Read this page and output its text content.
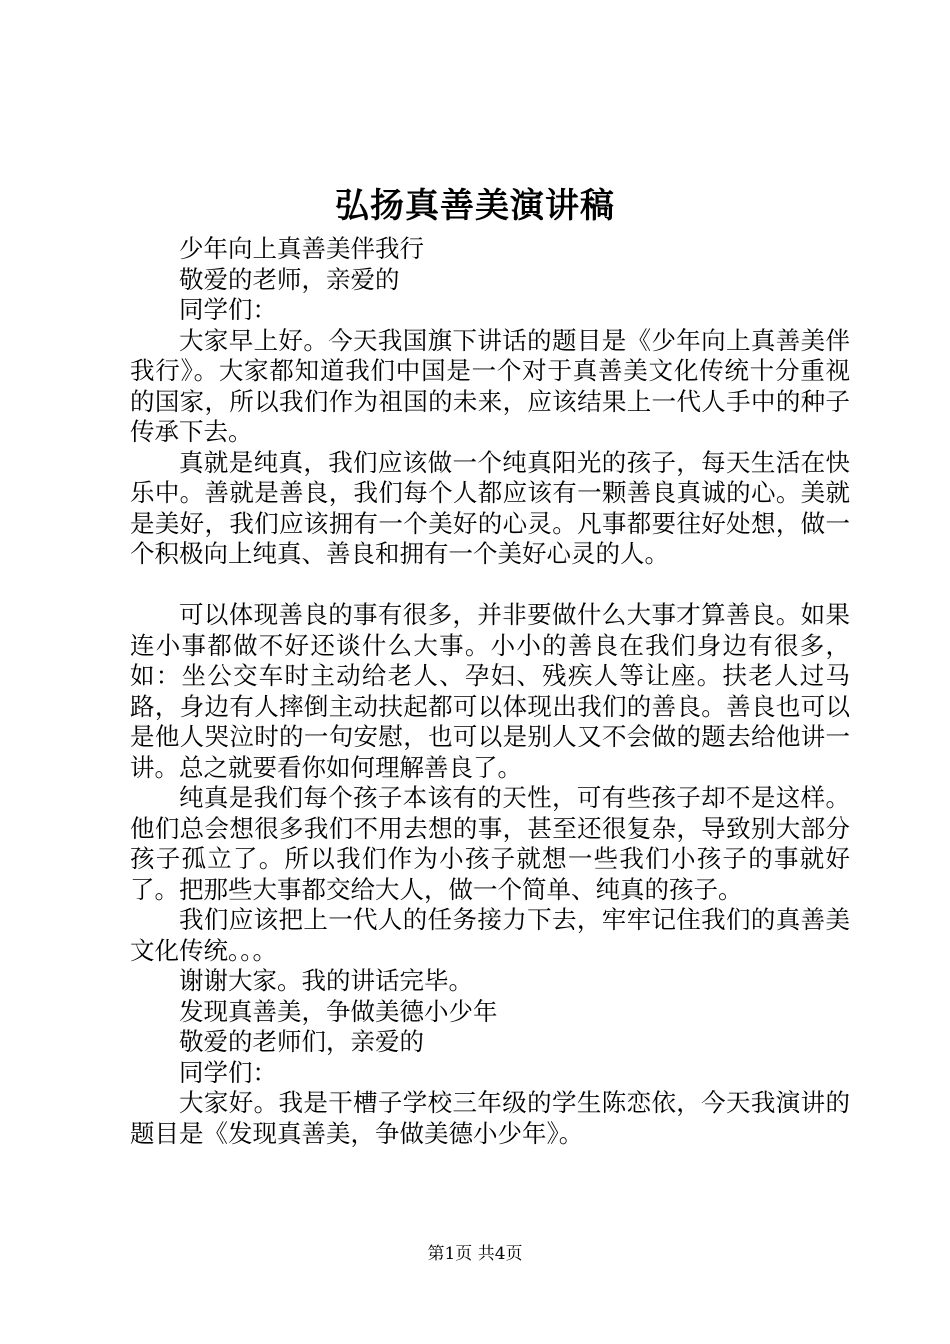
弘扬真善美演讲稿

少年向上真善美伴我行

敬爱的老师，亲爱的

同学们：

大家早上好。今天我国旗下讲话的题目是《少年向上真善美伴我行》。大家都知道我们中国是一个对于真善美文化传统十分重视的国家，所以我们作为祖国的未来，应该结果上一代人手中的种子传承下去。

真就是纯真，我们应该做一个纯真阳光的孩子，每天生活在快乐中。善就是善良，我们每个人都应该有一颗善良真诚的心。美就是美好，我们应该拥有一个美好的心灵。凡事都要往好处想，做一个积极向上纯真、善良和拥有一个美好心灵的人。

可以体现善良的事有很多，并非要做什么大事才算善良。如果连小事都做不好还谈什么大事。小小的善良在我们身边有很多，如：坐公交车时主动给老人、孕妇、残疾人等让座。扶老人过马路，身边有人摔倒主动扶起都可以体现出我们的善良。善良也可以是他人哭泣时的一句安慰，也可以是别人又不会做的题去给他讲一讲。总之就要看你如何理解善良了。

纯真是我们每个孩子本该有的天性，可有些孩子却不是这样。他们总会想很多我们不用去想的事，甚至还很复杂，导致别大部分孩子孤立了。所以我们作为小孩子就想一些我们小孩子的事就好了。把那些大事都交给大人，做一个简单、纯真的孩子。

我们应该把上一代人的任务接力下去，牢牢记住我们的真善美文化传统。。。

谢谢大家。我的讲话完毕。

发现真善美，争做美德小少年

敬爱的老师们，亲爱的

同学们：

大家好。我是干槽子学校三年级的学生陈恋依，今天我演讲的题目是《发现真善美，争做美德小少年》。

第1页 共4页
